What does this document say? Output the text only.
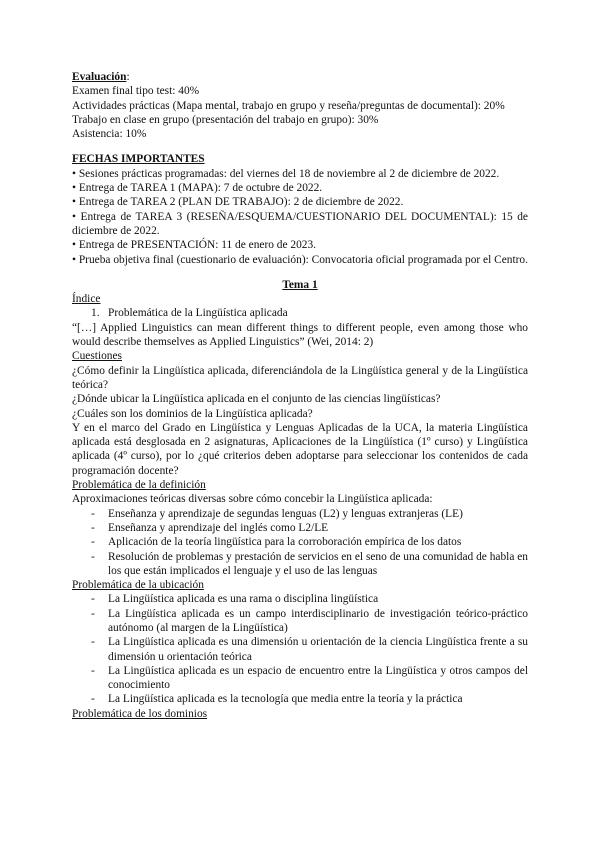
Evaluación:

Examen final tipo test: 40%

Actividades prácticas (Mapa mental, trabajo en grupo y reseña/preguntas de documental): 20%

Trabajo en clase en grupo (presentación del trabajo en grupo): 30%

Asistencia: 10%

FECHAS IMPORTANTES

• Sesiones prácticas programadas: del viernes del 18 de noviembre al 2 de diciembre de 2022.

• Entrega de TAREA 1 (MAPA): 7 de octubre de 2022.

• Entrega de TAREA 2 (PLAN DE TRABAJO): 2 de diciembre de 2022.

• Entrega de TAREA 3 (RESEÑA/ESQUEMA/CUESTIONARIO DEL DOCUMENTAL): 15 de diciembre de 2022.

• Entrega de PRESENTACIÓN: 11 de enero de 2023.

• Prueba objetiva final (cuestionario de evaluación): Convocatoria oficial programada por el Centro.

Tema 1

Índice

1. Problemática de la Lingüística aplicada

“[…] Applied Linguistics can mean different things to different people, even among those who would describe themselves as Applied Linguistics” (Wei, 2014: 2)

Cuestiones

¿Cómo definir la Lingüística aplicada, diferenciándola de la Lingüística general y de la Lingüística teórica?

¿Dónde ubicar la Lingüística aplicada en el conjunto de las ciencias lingüísticas?

¿Cuáles son los dominios de la Lingüística aplicada?

Y en el marco del Grado en Lingüística y Lenguas Aplicadas de la UCA, la materia Lingüística aplicada está desglosada en 2 asignaturas, Aplicaciones de la Lingüística (1º curso) y Lingüística aplicada (4º curso), por lo ¿qué criterios deben adoptarse para seleccionar los contenidos de cada programación docente?

Problemática de la definición

Aproximaciones teóricas diversas sobre cómo concebir la Lingüística aplicada:

- Enseñanza y aprendizaje de segundas lenguas (L2) y lenguas extranjeras (LE)
- Enseñanza y aprendizaje del inglés como L2/LE
- Aplicación de la teoría lingüística para la corroboración empírica de los datos
- Resolución de problemas y prestación de servicios en el seno de una comunidad de habla en los que están implicados el lenguaje y el uso de las lenguas

Problemática de la ubicación

- La Lingüística aplicada es una rama o disciplina lingüística
- La Lingüística aplicada es un campo interdisciplinario de investigación teórico-práctico autónomo (al margen de la Lingüística)
- La Lingüística aplicada es una dimensión u orientación de la ciencia Lingüística frente a su dimensión u orientación teórica
- La Lingüística aplicada es un espacio de encuentro entre la Lingüística y otros campos del conocimiento
- La Lingüística aplicada es la tecnología que media entre la teoría y la práctica

Problemática de los dominios
